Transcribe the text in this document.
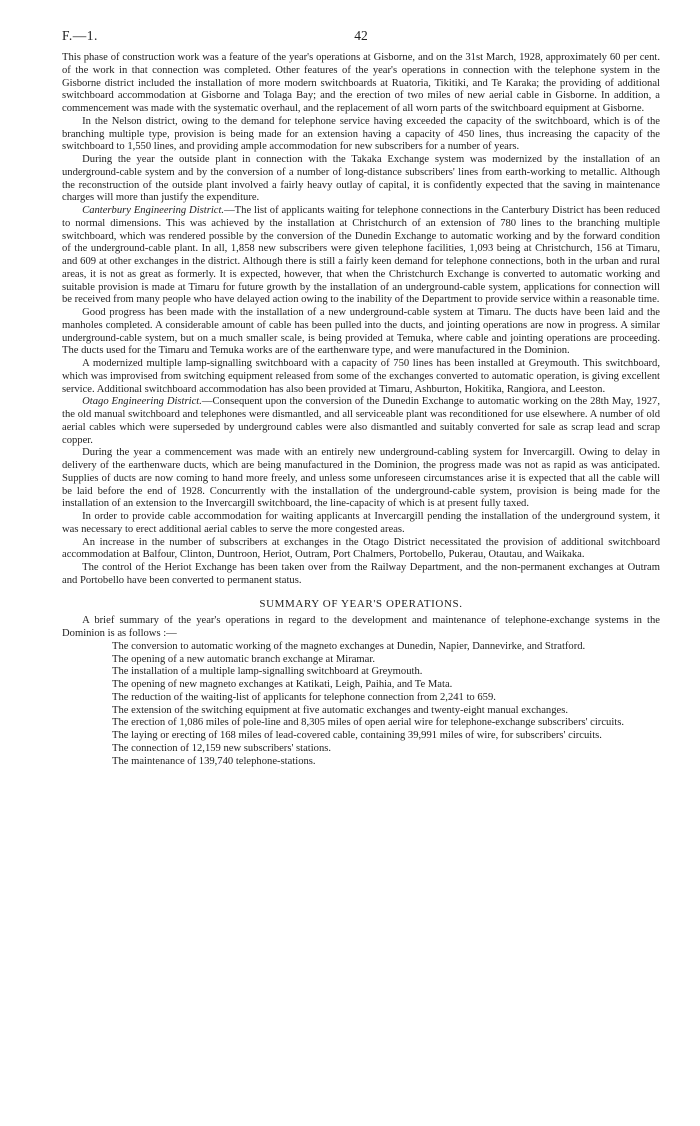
F.—1.	42

This phase of construction work was a feature of the year's operations at Gisborne, and on the 31st March, 1928, approximately 60 per cent. of the work in that connection was completed. Other features of the year's operations in connection with the telephone system in the Gisborne district included the installation of more modern switchboards at Ruatoria, Tikitiki, and Te Karaka; the providing of additional switchboard accommodation at Gisborne and Tolaga Bay; and the erection of two miles of new aerial cable in Gisborne. In addition, a commencement was made with the systematic overhaul, and the replacement of all worn parts of the switchboard equipment at Gisborne.

In the Nelson district, owing to the demand for telephone service having exceeded the capacity of the switchboard, which is of the branching multiple type, provision is being made for an extension having a capacity of 450 lines, thus increasing the capacity of the switchboard to 1,550 lines, and providing ample accommodation for new subscribers for a number of years.

During the year the outside plant in connection with the Takaka Exchange system was modernized by the installation of an underground-cable system and by the conversion of a number of long-distance subscribers' lines from earth-working to metallic. Although the reconstruction of the outside plant involved a fairly heavy outlay of capital, it is confidently expected that the saving in maintenance charges will more than justify the expenditure.

Canterbury Engineering District.—The list of applicants waiting for telephone connections in the Canterbury District has been reduced to normal dimensions. This was achieved by the installation at Christchurch of an extension of 780 lines to the branching multiple switchboard, which was rendered possible by the conversion of the Dunedin Exchange to automatic working and by the forward condition of the underground-cable plant. In all, 1,858 new subscribers were given telephone facilities, 1,093 being at Christchurch, 156 at Timaru, and 609 at other exchanges in the district. Although there is still a fairly keen demand for telephone connections, both in the urban and rural areas, it is not as great as formerly. It is expected, however, that when the Christchurch Exchange is converted to automatic working and suitable provision is made at Timaru for future growth by the installation of an underground-cable system, applications for connection will be received from many people who have delayed action owing to the inability of the Department to provide service within a reasonable time.

Good progress has been made with the installation of a new underground-cable system at Timaru. The ducts have been laid and the manholes completed. A considerable amount of cable has been pulled into the ducts, and jointing operations are now in progress. A similar underground-cable system, but on a much smaller scale, is being provided at Temuka, where cable and jointing operations are proceeding. The ducts used for the Timaru and Temuka works are of the earthenware type, and were manufactured in the Dominion.

A modernized multiple lamp-signalling switchboard with a capacity of 750 lines has been installed at Greymouth. This switchboard, which was improvised from switching equipment released from some of the exchanges converted to automatic operation, is giving excellent service. Additional switchboard accommodation has also been provided at Timaru, Ashburton, Hokitika, Rangiora, and Leeston.

Otago Engineering District.—Consequent upon the conversion of the Dunedin Exchange to automatic working on the 28th May, 1927, the old manual switchboard and telephones were dismantled, and all serviceable plant was reconditioned for use elsewhere. A number of old aerial cables which were superseded by underground cables were also dismantled and suitably converted for sale as scrap lead and scrap copper.

During the year a commencement was made with an entirely new underground-cabling system for Invercargill. Owing to delay in delivery of the earthenware ducts, which are being manufactured in the Dominion, the progress made was not as rapid as was anticipated. Supplies of ducts are now coming to hand more freely, and unless some unforeseen circumstances arise it is expected that all the cable will be laid before the end of 1928. Concurrently with the installation of the underground-cable system, provision is being made for the installation of an extension to the Invercargill switchboard, the line-capacity of which is at present fully taxed.

In order to provide cable accommodation for waiting applicants at Invercargill pending the installation of the underground system, it was necessary to erect additional aerial cables to serve the more congested areas.

An increase in the number of subscribers at exchanges in the Otago District necessitated the provision of additional switchboard accommodation at Balfour, Clinton, Duntroon, Heriot, Outram, Port Chalmers, Portobello, Pukerau, Otautau, and Waikaka.

The control of the Heriot Exchange has been taken over from the Railway Department, and the non-permanent exchanges at Outram and Portobello have been converted to permanent status.

SUMMARY OF YEAR'S OPERATIONS.

A brief summary of the year's operations in regard to the development and maintenance of telephone-exchange systems in the Dominion is as follows :—

The conversion to automatic working of the magneto exchanges at Dunedin, Napier, Dannevirke, and Stratford.
The opening of a new automatic branch exchange at Miramar.
The installation of a multiple lamp-signalling switchboard at Greymouth.
The opening of new magneto exchanges at Katikati, Leigh, Paihia, and Te Mata.
The reduction of the waiting-list of applicants for telephone connection from 2,241 to 659.
The extension of the switching equipment at five automatic exchanges and twenty-eight manual exchanges.
The erection of 1,086 miles of pole-line and 8,305 miles of open aerial wire for telephone-exchange subscribers' circuits.
The laying or erecting of 168 miles of lead-covered cable, containing 39,991 miles of wire, for subscribers' circuits.
The connection of 12,159 new subscribers' stations.
The maintenance of 139,740 telephone-stations.
